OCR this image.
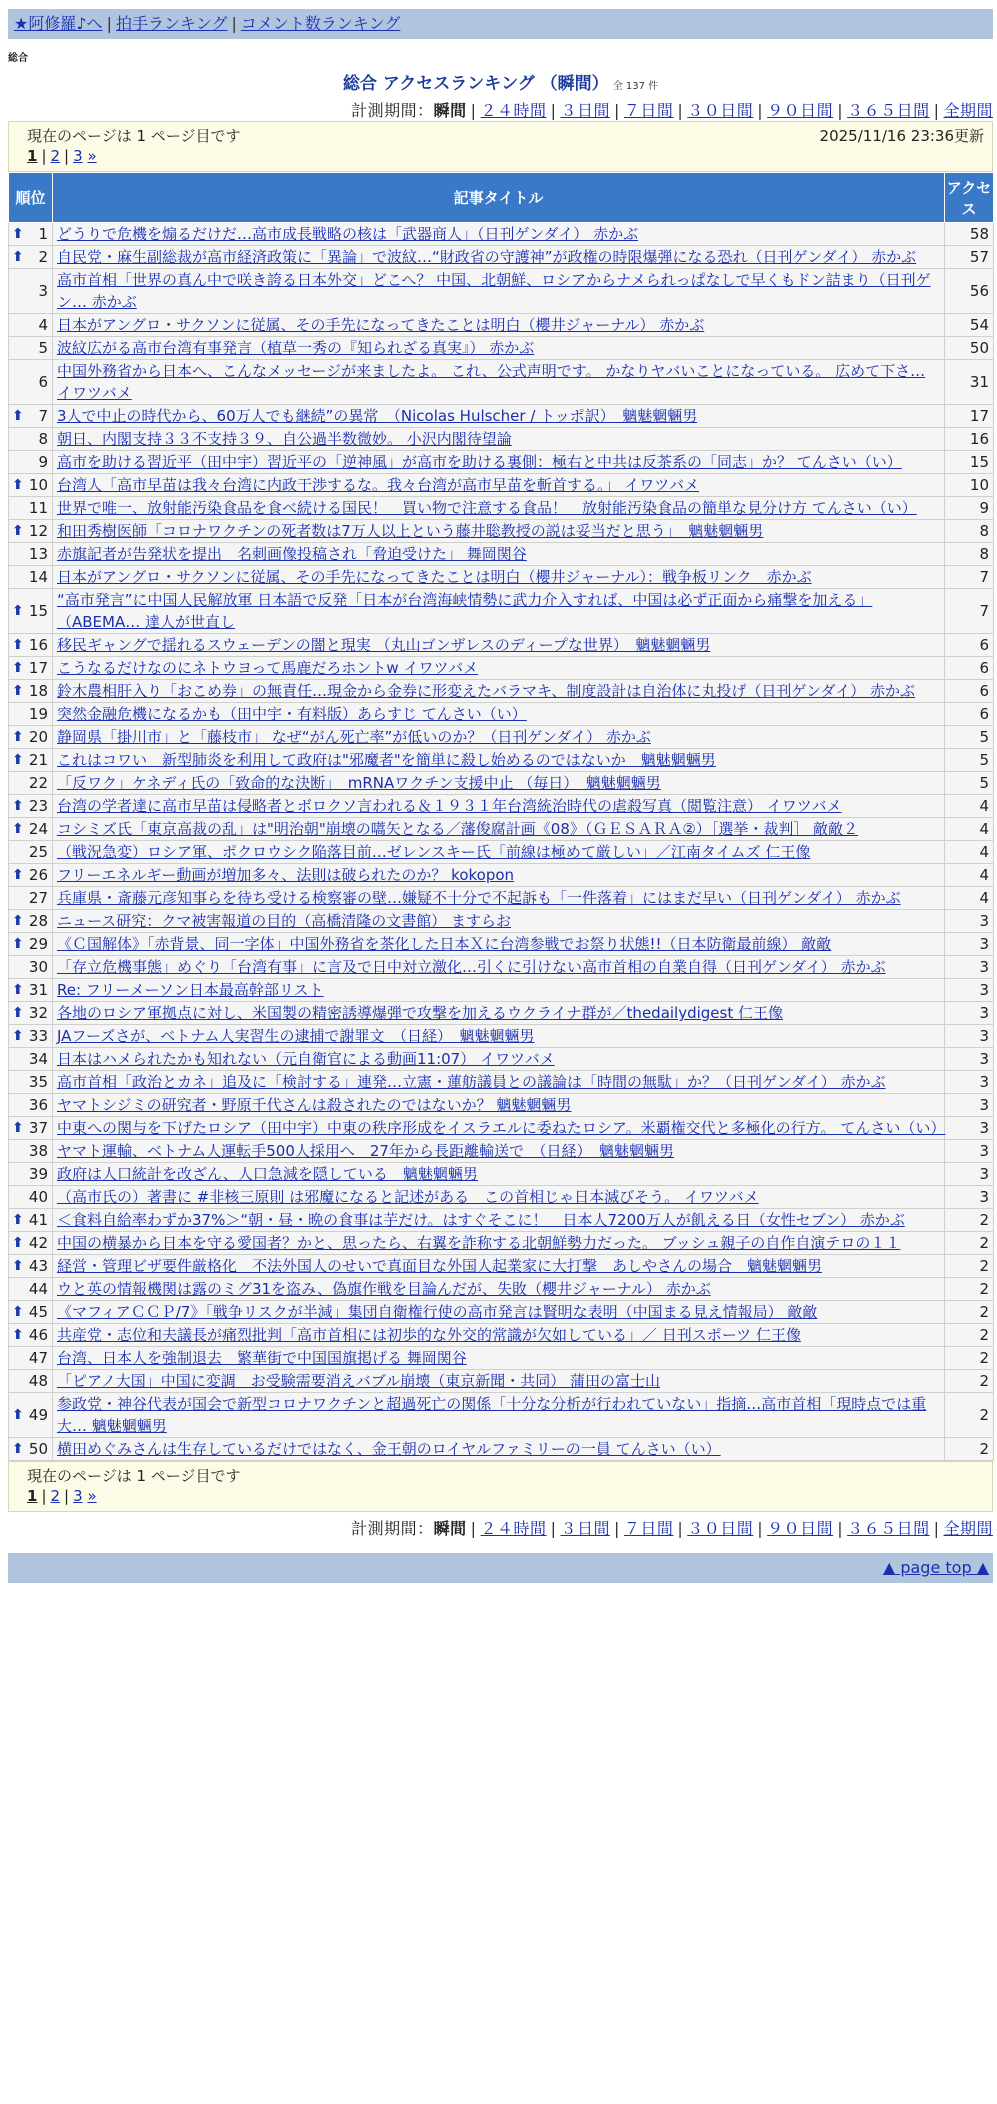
★阿修羅♪へ | 拍手ランキング | コメント数ランキング
総合
総合 アクセスランキング （瞬間） 全 137 件
計測期間：瞬間 | ２４時間 | ３日間 | ７日間 | ３０日間 | ９０日間 | ３６５日間 | 全期間
現在のページは 1 ページ目です	2025/11/16 23:36更新
1 | 2 | 3 »
順位	記事タイトル	アクセス

⬆ 1	どうりで危機を煽るだけだ…高市成長戦略の核は「武器商人」（日刊ゲンダイ） 赤かぶ	58

⬆ 2	自民党・麻生副総裁が高市経済政策に「異論」で波紋…“財政省の守護神”が政権の時限爆弾になる恐れ（日刊ゲンダイ） 赤かぶ	57
3	高市首相「世界の真ん中で咲き誇る日本外交」どこへ？ 中国、北朝鮮、ロシアからナメられっぱなしで早くもドン詰まり（日刊ゲン… 赤かぶ	56
4	日本がアングロ・サクソンに従属、その手先になってきたことは明白（櫻井ジャーナル） 赤かぶ	54
5	波紋広がる高市台湾有事発言（植草一秀の『知られざる真実』） 赤かぶ	50
6	中国外務省から日本へ、こんなメッセージが来ましたよ。 これ、公式声明です。 かなりヤバいことになっている。 広めて下さ… イワツバメ	31

⬆ 7	3人で中止の時代から、60万人でも継続”の異常　（Nicolas Hulscher / トッポ訳）　魑魅魍魎男	17
8	朝日、内閣支持３３不支持３９、自公過半数微妙。 小沢内閣待望論	16
9	高市を助ける習近平（田中宇）習近平の「逆神風」が高市を助ける裏側：極右と中共は反茶系の「同志」か？ てんさい（い）	15

⬆ 10	台湾人「高市早苗は我々台湾に内政干渉するな。我々台湾が高市早苗を斬首する。」 イワツバメ	10
11	世界で唯一、放射能汚染食品を食べ続ける国民！　買い物で注意する食品！　放射能汚染食品の簡単な見分け方 てんさい（い）	9

⬆ 12	和田秀樹医師「コロナワクチンの死者数は7万人以上という藤井聡教授の説は妥当だと思う」　魑魅魍魎男	8
13	赤旗記者が告発状を提出　名刺画像投稿され「脅迫受けた」 舞岡関谷	8
14	日本がアングロ・サクソンに従属、その手先になってきたことは明白（櫻井ジャーナル）：戦争板リンク　赤かぶ	7

⬆ 15	“高市発言”に中国人民解放軍 日本語で反発「日本が台湾海峡情勢に武力介入すれば、中国は必ず正面から痛撃を加える」（ABEMA… 達人が世直し	7

⬆ 16	移民ギャングで揺れるスウェーデンの闇と現実 （丸山ゴンザレスのディープな世界）　魑魅魍魎男	6

⬆ 17	こうなるだけなのにネトウヨって馬鹿だろホントw イワツバメ	6

⬆ 18	鈴木農相肝入り「おこめ券」の無責任…現金から金券に形変えたバラマキ、制度設計は自治体に丸投げ（日刊ゲンダイ） 赤かぶ	6
19	突然金融危機になるかも（田中宇・有料版）あらすじ てんさい（い）	6

⬆ 20	静岡県「掛川市」と「藤枝市」 なぜ“がん死亡率”が低いのか？（日刊ゲンダイ） 赤かぶ	5

⬆ 21	これはコワい　新型肺炎を利用して政府は"邪魔者"を簡単に殺し始めるのではないか　魑魅魍魎男	5
22	「反ワク」ケネディ氏の「致命的な決断」　mRNAワクチン支援中止 （毎日）　魑魅魍魎男	5

⬆ 23	台湾の学者達に高市早苗は侵略者とボロクソ言われる＆１９３１年台湾統治時代の虐殺写真（閲覧注意） イワツバメ	4

⬆ 24	コシミズ氏「東京高裁の乱」は"明治朝"崩壊の嚆矢となる／藩俊腐計画《08》（ＧＥＳＡＲＡ②）［選挙・裁判］ 敵敵２	4
25	（戦況急変）ロシア軍、ポクロウシク陥落目前…ゼレンスキー氏「前線は極めて厳しい」／江南タイムズ 仁王像	4

⬆ 26	フリーエネルギー動画が増加多々、法則は破られたのか？ kokopon	4
27	兵庫県・斎藤元彦知事らを待ち受ける検察審の壁…嫌疑不十分で不起訴も「一件落着」にはまだ早い（日刊ゲンダイ） 赤かぶ	4

⬆ 28	ニュース研究：クマ被害報道の目的（高橋清隆の文書館） ますらお	3

⬆ 29	《Ｃ国解体》「赤背景、同一字体」中国外務省を茶化した日本Ｘに台湾参戦でお祭り状態!!（日本防衛最前線） 敵敵	3
30	「存立危機事態」めぐり「台湾有事」に言及で日中対立激化…引くに引けない高市首相の自業自得（日刊ゲンダイ） 赤かぶ	3

⬆ 31	Re: フリーメーソン日本最高幹部リスト	3

⬆ 32	各地のロシア軍拠点に対し、米国製の精密誘導爆弾で攻撃を加えるウクライナ群が／thedailydigest 仁王像	3

⬆ 33	JAフーズさが、ベトナム人実習生の逮捕で謝罪文　（日経）　魑魅魍魎男	3
34	日本はハメられたかも知れない（元自衛官による動画11:07） イワツバメ	3
35	高市首相「政治とカネ」追及に「検討する」連発…立憲・蓮舫議員との議論は「時間の無駄」か？（日刊ゲンダイ） 赤かぶ	3
36	ヤマトシジミの研究者・野原千代さんは殺されたのではないか？ 魑魅魍魎男	3

⬆ 37	中東への関与を下げたロシア（田中宇）中東の秩序形成をイスラエルに委ねたロシア。米覇権交代と多極化の行方。 てんさい（い）	3
38	ヤマト運輸、ベトナム人運転手500人採用へ　27年から長距離輸送で　（日経）　魑魅魍魎男	3
39	政府は人口統計を改ざん、人口急減を隠している　魑魅魍魎男	3
40	（高市氏の）著書に #非核三原則 は邪魔になると記述がある　この首相じゃ日本滅びそう。 イワツバメ	3

⬆ 41	＜食料自給率わずか37%＞“朝・昼・晩の食事は芋だけ。はすぐそこに！　日本人7200万人が飢える日（女性セブン） 赤かぶ	2

⬆ 42	中国の横暴から日本を守る愛国者？かと、思ったら、右翼を詐称する北朝鮮勢力だった。 ブッシュ親子の自作自演テロの１１	2

⬆ 43	経営・管理ビザ要件厳格化　不法外国人のせいで真面目な外国人起業家に大打撃　あしやさんの場合　魑魅魍魎男	2
44	ウと英の情報機関は露のミグ31を盗み、偽旗作戦を目論んだが、失敗（櫻井ジャーナル） 赤かぶ	2

⬆ 45	《マフィアＣＣＰ/7》「戦争リスクが半減」集団自衛権行使の高市発言は賢明な表明（中国まる見え情報局） 敵敵	2

⬆ 46	共産党・志位和夫議長が痛烈批判「高市首相には初歩的な外交的常識が欠如している」／ 日刊スポーツ 仁王像	2
47	台湾、日本人を強制退去　繁華街で中国国旗掲げる 舞岡関谷	2
48	「ピアノ大国」中国に変調　お受験需要消えバブル崩壊（東京新聞・共同） 蒲田の富士山	2

⬆ 49	参政党・神谷代表が国会で新型コロナワクチンと超過死亡の関係「十分な分析が行われていない」指摘…高市首相「現時点では重大… 魑魅魍魎男	2

⬆ 50	横田めぐみさんは生存しているだけではなく、金王朝のロイヤルファミリーの一員 てんさい（い）	2
現在のページは 1 ページ目です
1 | 2 | 3 »
計測期間：瞬間 | ２４時間 | ３日間 | ７日間 | ３０日間 | ９０日間 | ３６５日間 | 全期間
▲ page top ▲
